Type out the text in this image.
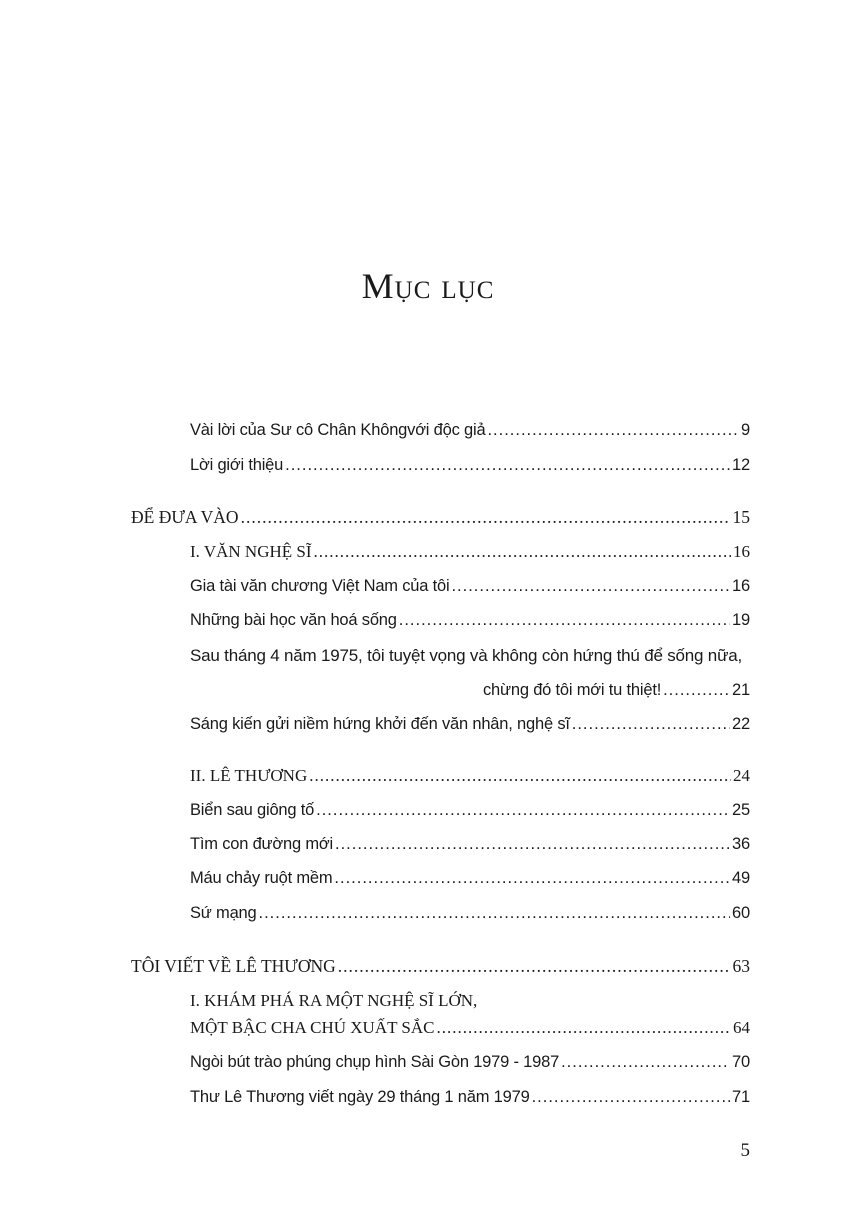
Mục lục
Vài lời của Sư cô Chân Khôngvới độc giả .....	9
Lời giới thiệu .....	12
ĐỂ ĐƯA VÀO .....	15
I. VĂN NGHỆ SĨ .....	16
Gia tài văn chương Việt Nam của tôi .....	16
Những bài học văn hoá sống .....	19
Sau tháng 4 năm 1975, tôi tuyệt vọng và không còn hứng thú để sống nữa,
chừng đó tôi mới tu thiệt! .....	21
Sáng kiến gửi niềm hứng khởi đến văn nhân, nghệ sĩ .....	22
II. LÊ THƯƠNG .....	24
Biển sau giông tố .....	25
Tìm con đường mới .....	36
Máu chảy ruột mềm .....	49
Sứ mạng .....	60
TÔI VIẾT VỀ LÊ THƯƠNG .....	63
I. KHÁM PHÁ RA MỘT NGHỆ SĨ LỚN,
MỘT BẬC CHA CHÚ XUẤT SẮC .....	64
Ngòi bút trào phúng chụp hình Sài Gòn 1979 - 1987 .....	70
Thư Lê Thương viết ngày 29 tháng 1 năm 1979 .....	71
5
